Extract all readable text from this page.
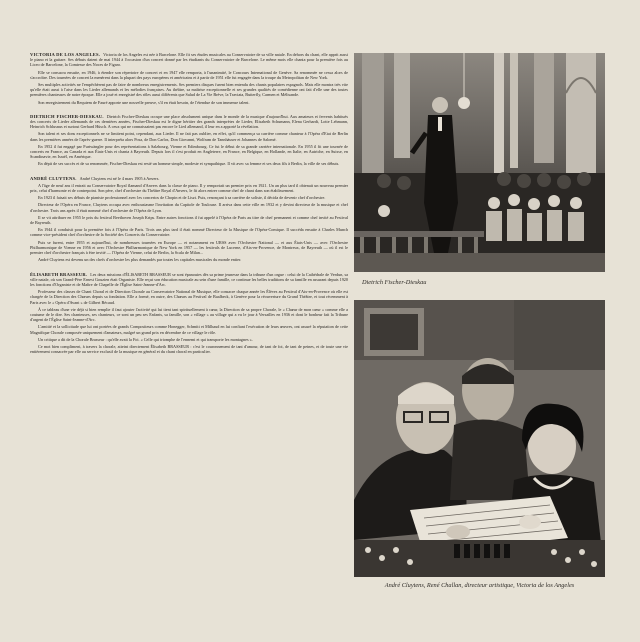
VICTORIA DE LOS ANGELES. Victoria de los Angeles est née à Barcelone. Elle fit ses études musicales au Conservatoire de sa ville natale. En dehors du chant, elle apprit aussi le piano et la guitare. Ses débuts datent de mai 1944 à l'occasion d'un concert donné par les étudiants du Conservatoire de Barcelone. Le même mois elle chanta pour la première fois au Liceo de Barcelone, la Comtesse des Noces de Figaro.

Elle se consacra ensuite, en 1946, à étendre son répertoire de concert et en 1947 elle remporta, à l'unanimité, le Concours International de Genève. Sa renommée ne cessa alors de s'accroître. Des tournées de concert la menèrent dans la plupart des pays européens et américains et à partir de 1951 elle fut engagée dans la troupe du Metropolitan de New York.

Ses multiples activités ne l'empêchèrent pas de faire de nombreux enregistrements. Ses premiers disques furent bien entendu des chants populaires espagnols. Mais elle montra très vite qu'elle était aussi à l'aise dans les Lieder allemands et les mélodies françaises. Au théâtre, sa maîtrise exceptionnelle et ses grandes qualités de comédienne ont fait d'elle une des toutes premières chanteuses de notre époque. Elle a joué et enregistré des rôles aussi différents que Salud de La Vie Brève, la Traviata, Butterfly, Carmen et Mélisande.

Son enregistrement du Requiem de Fauré apporte une nouvelle preuve, s'il en était besoin, de l'étendue de son immense talent.

DIETRICH FISCHER-DIESKAU. Dietrich Fischer-Dieskau occupe une place absolument unique dans le monde de la musique d'aujourd'hui. Aux amateurs et fervents habitués des concerts de Lieder allemands de ces dernières années, Fischer-Dieskau est le digne héritier des grands interprètes de Lieder, Elisabeth Schumann, Elena Gerhardt, Lotte Lehmann, Heinrich Schlusnus et surtout Gerhard Hüsch. A ceux qui ne connaissaient pas encore le Lied allemand, il leur en a apporté la révélation.

Son talent et ses dons exceptionnels ne se limitent point, cependant, aux Lieder. Il ne fait pas oublier, en effet, qu'il commença sa carrière comme chanteur à l'Opéra d'Etat de Berlin dans les premières années de l'après-guerre. Il interpréta alors Posa, de Don Carlos, Don Giovanni, Wolfram de Tannhäuser et Johannes de Salomé.

En 1952 il fut engagé par Furtwängler pour des représentations à Salzbourg, Vienne et Edimbourg. Ce fut le début de sa grande carrière internationale. En 1955 il fit une tournée de concerts en France, au Canada et aux États-Unis et chanta à Bayreuth. Depuis lors il s'est produit en Angleterre, en France, en Belgique, en Hollande, en Italie, en Autriche, en Suisse, en Scandinavie, en Israël, en Amérique.

En dépit de ses succès et de sa renommée, Fischer-Dieskau est resté un homme simple, modeste et sympathique. Il vit avec sa femme et ses deux fils à Berlin, la ville de ses débuts.

ANDRÉ CLUYTENS. André Cluytens est né le 4 mars 1905 à Anvers.

A l'âge de neuf ans il entrait au Conservatoire Royal flamand d'Anvers dans la classe de piano. Il y remportait un premier prix en 1921. Un an plus tard il obtenait un nouveau premier prix, celui d'harmonie et de contrepoint. Son père, chef d'orchestre du Théâtre Royal d'Anvers, le fit alors entrer comme chef de chant dans son établissement.

En 1923 il faisait ses débuts de pianiste professionnel avec les concertos de Chopin et de Liszt. Puis, renonçant à sa carrière de soliste, il décida de devenir chef d'orchestre.

Directeur de l'Opéra en France, Cluytens occupa avec enthousiasme l'invitation du Capitole de Toulouse. Il arriva dans cette ville en 1932 et y devint directeur de la musique et chef d'orchestre. Trois ans après il était nommé chef d'orchestre de l'Opéra de Lyon.

Il se vit attribuer en 1955 le prix du festival Beethoven Joseph Krips. Entre autres fonctions il fut appelé à l'Opéra de Paris au titre de chef permanent et comme chef invité au Festival de Bayreuth.

En 1944 il conduisit pour la première fois à l'Opéra de Paris. Trois ans plus tard il était nommé Directeur de la Musique de l'Opéra-Comique. Il succéda ensuite à Charles Munch comme vice-président chef d'orchestre de la Société des Concerts du Conservatoire.

Puis se furent, entre 1955 et aujourd'hui, de nombreuses tournées en Europe — et notamment en URSS avec l'Orchestre National — et aux États-Unis — avec l'Orchestre Philharmonique de Vienne en 1956 et avec l'Orchestre Philharmonique de New York en 1957 — les festivals de Lucerne, d'Aix-en-Provence, de Montreux, de Bayreuth — où il est le premier chef d'orchestre français à être invité — l'Opéra de Vienne, celui de Berlin, la Scala de Milan...

André Cluytens est devenu un des chefs d'orchestre les plus demandés par toutes les capitales musicales du monde entier.

ÉLISABETH BRASSEUR. Les deux missions d'ÉLISABETH BRASSEUR se sont épanouies dès sa prime jeunesse dans la tribune d'un orgue : celui de la Cathédrale de Verdun, sa ville natale, où son Grand-Père Ernest Gouzien était Organiste. Elle reçut son éducation musicale au sein d'une famille, ce continue les belles traditions de sa famille en assurant depuis 1920 les fonctions d'Organiste et de Maître de Chapelle de l'Église Saint-Jeanne-d'Arc.

Professeur des classes de Chant Choral et de Direction Chorale au Conservatoire National de Musique, elle consacre chaque année les Élèves au Festival d'Aix-en-Provence où elle est chargée de la Direction des Chœurs depuis sa fondation. Elle a formé, en outre, des Chœurs au Festival de Baalbeck, à Genève pour la réouverture du Grand Théâtre, et tout récemment à Paris avec le « Opéra d'Avant » de Gilbert Bécaud.

À ce tableau d'une vie déjà si bien remplie il faut ajouter l'activité qui lui tient tant spirituellement à cœur, la Direction de sa propre Chorale, le « Chœur de mon cœur » comme elle a coutume de le dire. Ses chanteuses, ses chanteurs, ce sont un peu ses Enfants, sa famille, son « village » au village qui a vu le jour à Versailles en 1936 et dont le bonheur fait la Tribune d'argent de l'Église Saint-Jeanne-d'Arc.

L'amitié et la sollicitude que lui ont portées de grands Compositeurs comme Honegger, Schmitt et Milhaud en lui confiant l'exécution de leurs œuvres, ont assuré la réputation de cette Magnifique Chorale composée uniquement d'amateurs, malgré un grand prix en décembre de ce village le rôle.

Un critique a dit de la Chorale Brasseur : qu'elle avait la Foi. « Celle qui triomphe de l'ennemi et qui transporte les montagnes ».

Ce mot bien compliment, à travers la chorale, atteint directement Élisabeth BRASSEUR : c'est le couronnement de tant d'amour, de tant de foi, de tant de peines, et de toute une vie entièrement consacrée par elle au service exclusif de la musique en général et du chant choral en particulier.

Dietrich Fischer-Dieskau
André Cluytens, René Challan, directeur artistique, Victoria de los Angeles
